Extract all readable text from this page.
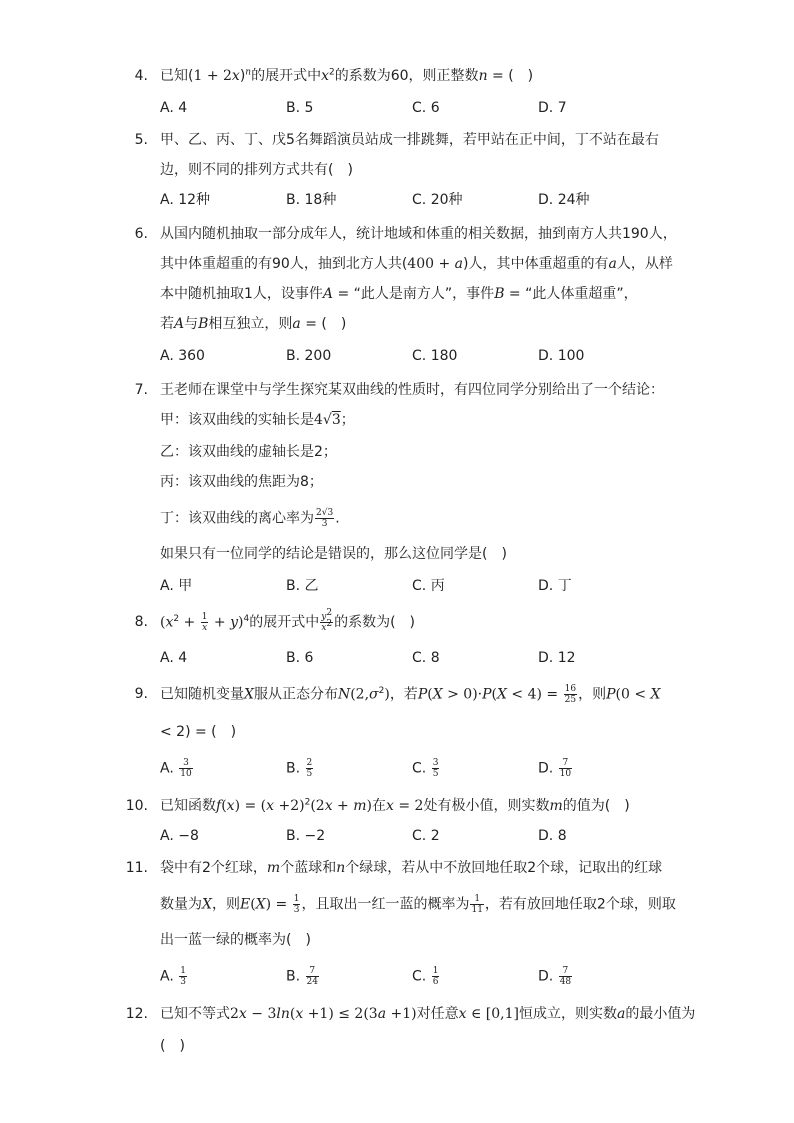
4. 已知$(1 + 2x)^n$的展开式中$x^2$的系数为60，则正整数n = (　)
A. 4	B. 5	C. 6	D. 7
5. 甲、乙、丙、丁、戊5名舞蹈演员站成一排跳舞，若甲站在正中间，丁不站在最右
边，则不同的排列方式共有(　)
A. 12种	B. 18种	C. 20种	D. 24种
6. 从国内随机抽取一部分成年人，统计地域和体重的相关数据，抽到南方人共190人，
其中体重超重的有90人，抽到北方人共(400 + a)人，其中体重超重的有a人，从样
本中随机抽取1人，设事件A = “此人是南方人”，事件B = “此人体重超重”，
若A与B相互独立，则a = (　)
A. 360	B. 200	C. 180	D. 100
7. 王老师在课堂中与学生探究某双曲线的性质时，有四位同学分别给出了一个结论：
甲：该双曲线的实轴长是4√3；
乙：该双曲线的虚轴长是2；
丙：该双曲线的焦距为8；
丁：该双曲线的离心率为 $\frac{2√3}{3}$ .
如果只有一位同学的结论是错误的，那么这位同学是(　)
A. 甲	B. 乙	C. 丙	D. 丁
8. $(x^2 + \frac{1}{x} + y)^4$的展开式中 $\frac{y^2}{x^2}$ 的系数为(　)
A. 4	B. 6	C. 8	D. 12
9. 已知随机变量X服从正态分布$N(2,\sigma^2)$，若$P(X > 0)\cdot P(X < 4) = \frac{16}{25}$ ，则P(0 < X
< 2) = (　)
A. $\frac{3}{10}$	B. $\frac{2}{5}$	C. $\frac{3}{5}$	D. $\frac{7}{10}$
10. 已知函数$f(x) = (x +2)^2(2x + m)$在x = 2处有极小值，则实数m的值为(　)
A. −8	B. −2	C. 2	D. 8
11. 袋中有2个红球，m个蓝球和n个绿球，若从中不放回地任取2个球，记取出的红球
数量为X，则$E(X) = \frac{1}{3}$ ，且取出一红一蓝的概率为 $\frac{1}{11}$ ，若有放回地任取2个球，则取
出一蓝一绿的概率为(　)
A. $\frac{1}{3}$	B. $\frac{7}{24}$	C. $\frac{1}{6}$	D. $\frac{7}{48}$
12. 已知不等式2x − 3ln(x +1) ≤ 2(3a +1)对任意x ∈ [0,1]恒成立，则实数a的最小值为
(　)
